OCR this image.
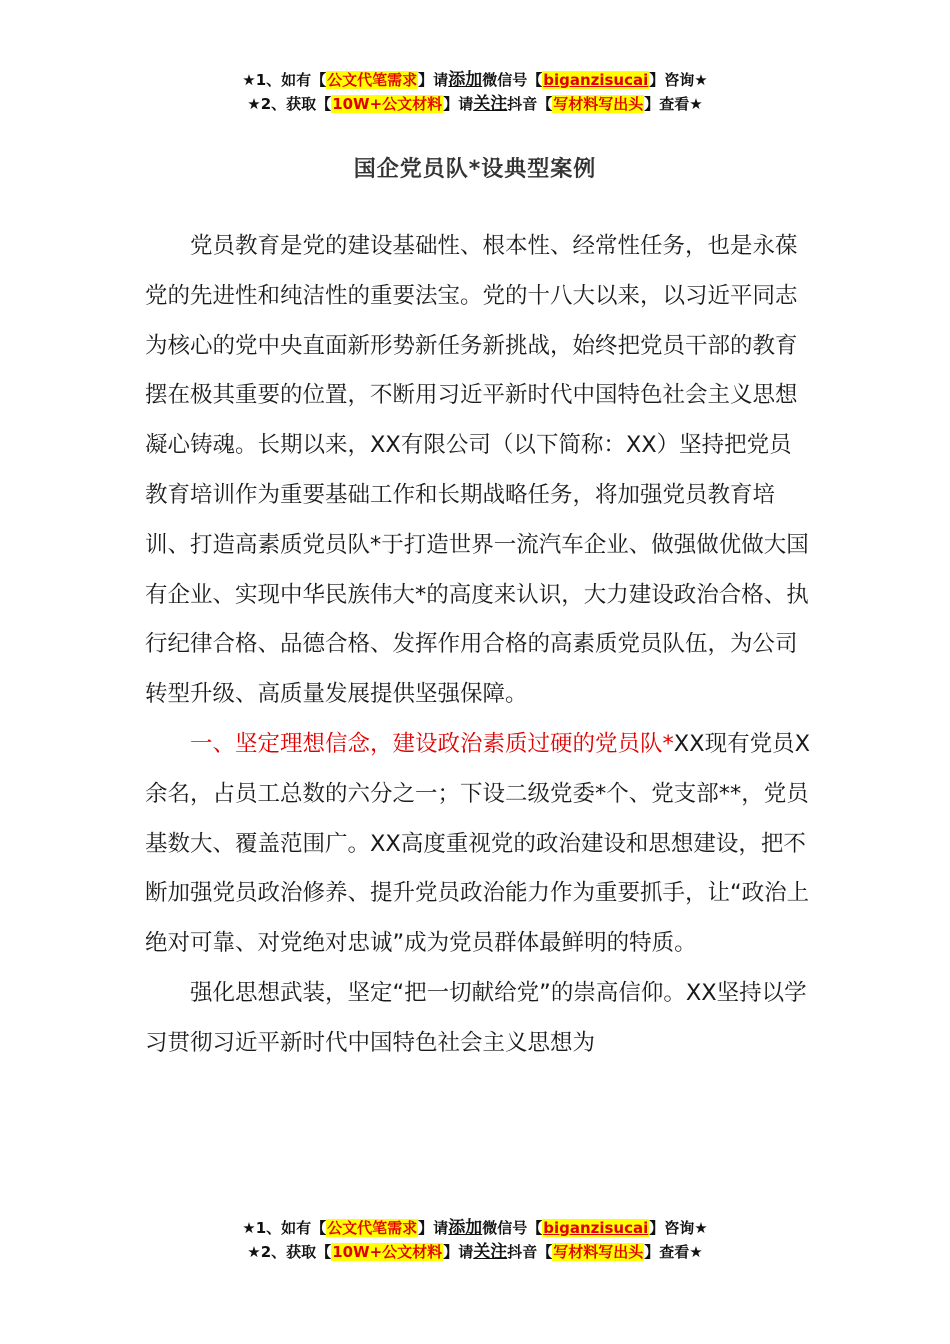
★1、如有【公文代笔需求】请添加微信号【biganzisucai】咨询★
★2、获取【10W+公文材料】请关注抖音【写材料写出头】查看★
国企党员队*设典型案例

党员教育是党的建设基础性、根本性、经常性任务，也是永葆党的先进性和纯洁性的重要法宝。党的十八大以来，以习近平同志为核心的党中央直面新形势新任务新挑战，始终把党员干部的教育摆在极其重要的位置，不断用习近平新时代中国特色社会主义思想凝心铸魂。长期以来，XX有限公司（以下简称：XX）坚持把党员教育培训作为重要基础工作和长期战略任务，将加强党员教育培训、打造高素质党员队*于打造世界一流汽车企业、做强做优做大国有企业、实现中华民族伟大*的高度来认识，大力建设政治合格、执行纪律合格、品德合格、发挥作用合格的高素质党员队伍，为公司转型升级、高质量发展提供坚强保障。

一、坚定理想信念，建设政治素质过硬的党员队*XX现有党员X余名，占员工总数的六分之一；下设二级党委*个、党支部**，党员基数大、覆盖范围广。XX高度重视党的政治建设和思想建设，把不断加强党员政治修养、提升党员政治能力作为重要抓手，让“政治上绝对可靠、对党绝对忠诚”成为党员群体最鲜明的特质。

强化思想武装，坚定“把一切献给党”的崇高信仰。XX坚持以学习贯彻习近平新时代中国特色社会主义思想为

★1、如有【公文代笔需求】请添加微信号【biganzisucai】咨询★
★2、获取【10W+公文材料】请关注抖音【写材料写出头】查看★
